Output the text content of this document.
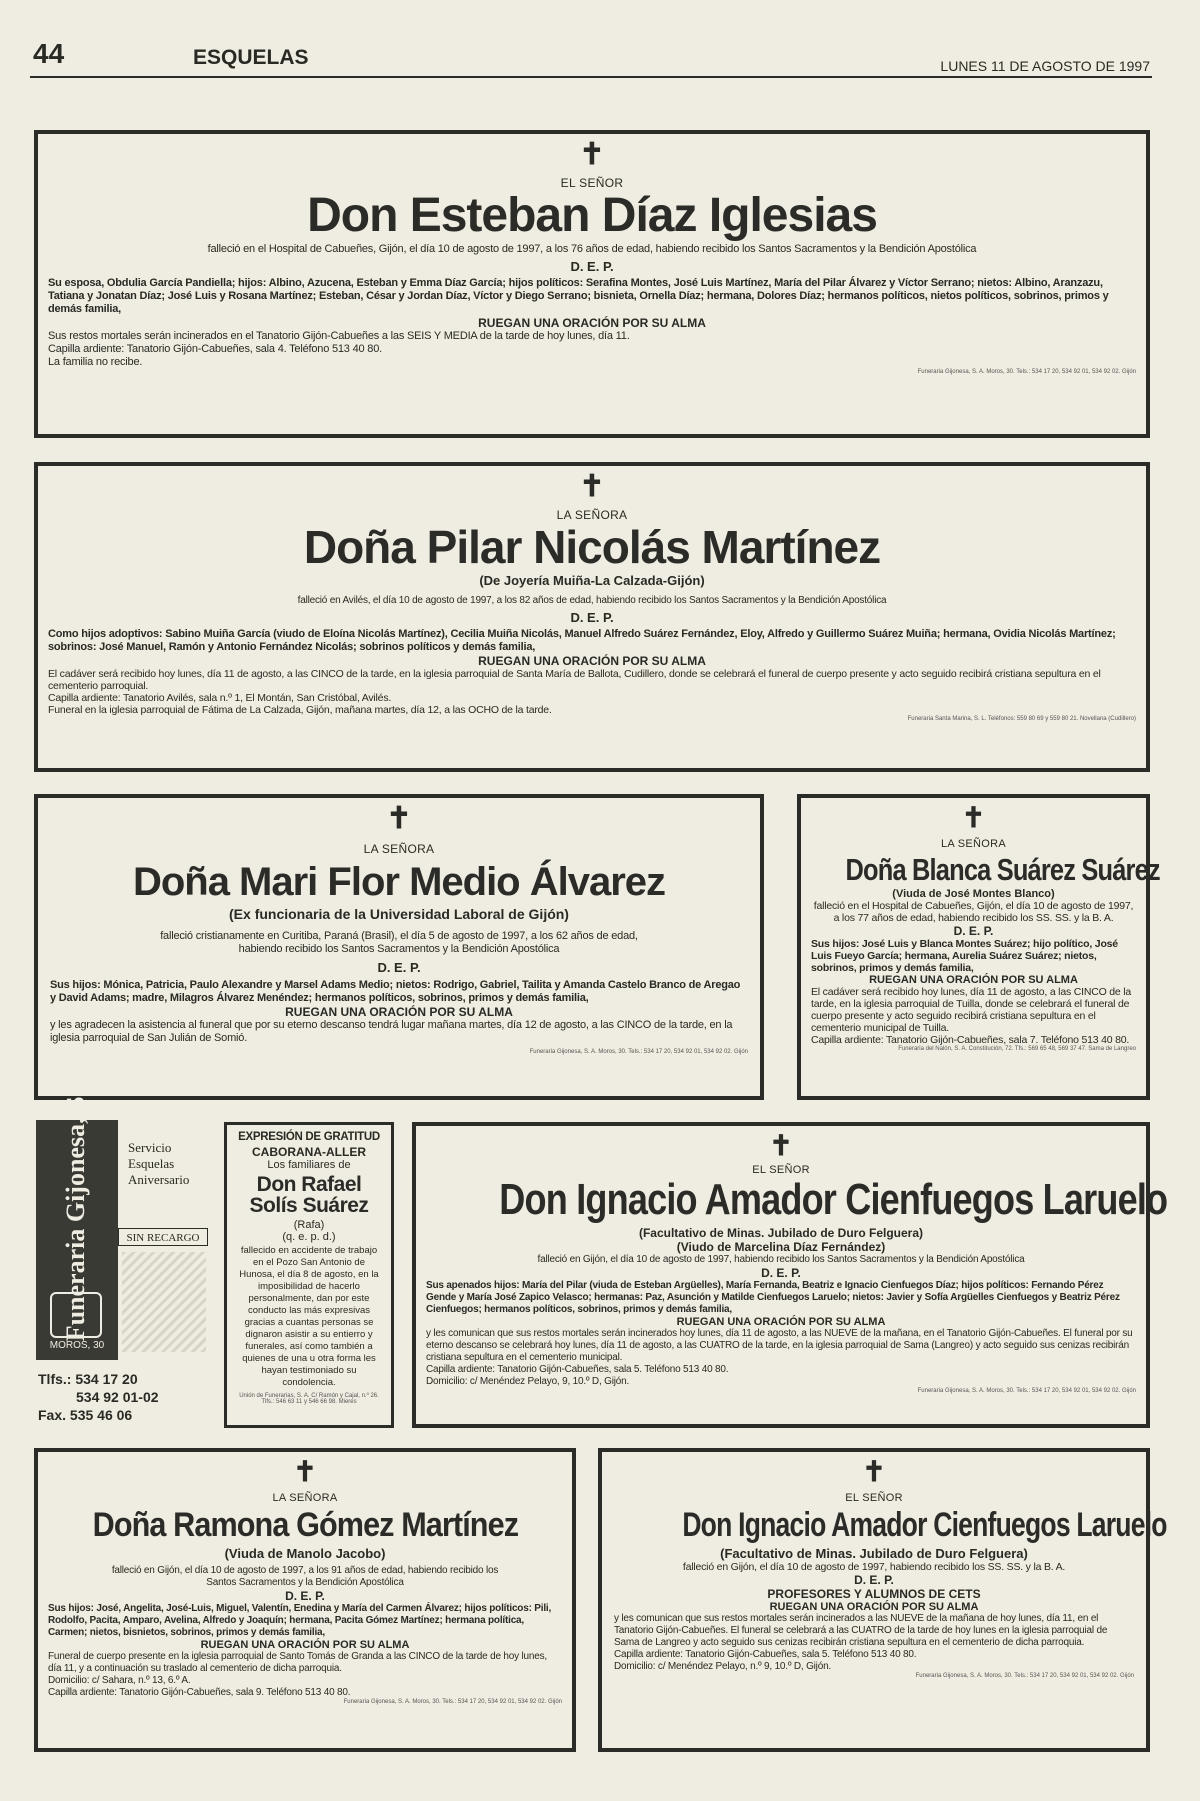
44	ESQUELAS	LUNES 11 DE AGOSTO DE 1997
✝
EL SEÑOR
Don Esteban Díaz Iglesias
falleció en el Hospital de Cabueñes, Gijón, el día 10 de agosto de 1997, a los 76 años de edad, habiendo recibido los Santos Sacramentos y la Bendición Apostólica
D. E. P.
Su esposa, Obdulia García Pandiella; hijos: Albino, Azucena, Esteban y Emma Díaz García; hijos políticos: Serafina Montes, José Luis Martínez, María del Pilar Álvarez y Víctor Serrano; nietos: Albino, Aranzazu, Tatiana y Jonatan Díaz; José Luis y Rosana Martínez; Esteban, César y Jordan Díaz, Víctor y Diego Serrano; bisnieta, Ornella Díaz; hermana, Dolores Díaz; hermanos políticos, nietos políticos, sobrinos, primos y demás familia,
RUEGAN UNA ORACIÓN POR SU ALMA
Sus restos mortales serán incinerados en el Tanatorio Gijón-Cabueñes a las SEIS Y MEDIA de la tarde de hoy lunes, día 11.
Capilla ardiente: Tanatorio Gijón-Cabueñes, sala 4. Teléfono 513 40 80.
La familia no recibe.
Funeraria Gijonesa, S. A. Moros, 30. Tels.: 534 17 20, 534 92 01, 534 92 02. Gijón
✝
LA SEÑORA
Doña Pilar Nicolás Martínez
(De Joyería Muiña-La Calzada-Gijón)
falleció en Avilés, el día 10 de agosto de 1997, a los 82 años de edad, habiendo recibido los Santos Sacramentos y la Bendición Apostólica
D. E. P.
Como hijos adoptivos: Sabino Muiña García (viudo de Eloína Nicolás Martínez), Cecilia Muiña Nicolás, Manuel Alfredo Suárez Fernández, Eloy, Alfredo y Guillermo Suárez Muiña; hermana, Ovidia Nicolás Martínez; sobrinos: José Manuel, Ramón y Antonio Fernández Nicolás; sobrinos políticos y demás familia,
RUEGAN UNA ORACIÓN POR SU ALMA
El cadáver será recibido hoy lunes, día 11 de agosto, a las CINCO de la tarde, en la iglesia parroquial de Santa María de Ballota, Cudillero, donde se celebrará el funeral de cuerpo presente y acto seguido recibirá cristiana sepultura en el cementerio parroquial.
Capilla ardiente: Tanatorio Avilés, sala n.º 1, El Montán, San Cristóbal, Avilés.
Funeral en la iglesia parroquial de Fátima de La Calzada, Gijón, mañana martes, día 12, a las OCHO de la tarde.
Funeraria Santa Marina, S. L. Teléfonos: 559 80 69 y 559 80 21. Novellana (Cudillero)
✝
LA SEÑORA
Doña Mari Flor Medio Álvarez
(Ex funcionaria de la Universidad Laboral de Gijón)
falleció cristianamente en Curitiba, Paraná (Brasil), el día 5 de agosto de 1997, a los 62 años de edad, habiendo recibido los Santos Sacramentos y la Bendición Apostólica
D. E. P.
Sus hijos: Mónica, Patricia, Paulo Alexandre y Marsel Adams Medio; nietos: Rodrigo, Gabriel, Tailita y Amanda Castelo Branco de Aregao y David Adams; madre, Milagros Álvarez Menéndez; hermanos políticos, sobrinos, primos y demás familia,
RUEGAN UNA ORACIÓN POR SU ALMA
y les agradecen la asistencia al funeral que por su eterno descanso tendrá lugar mañana martes, día 12 de agosto, a las CINCO de la tarde, en la iglesia parroquial de San Julián de Somió.
Funeraria Gijonesa, S. A. Moros, 30. Tels.: 534 17 20, 534 92 01, 534 92 02. Gijón
✝
LA SEÑORA
Doña Blanca Suárez Suárez
(Viuda de José Montes Blanco)
falleció en el Hospital de Cabueñes, Gijón, el día 10 de agosto de 1997, a los 77 años de edad, habiendo recibido los SS. SS. y la B. A.
D. E. P.
Sus hijos: José Luis y Blanca Montes Suárez; hijo político, José Luis Fueyo García; hermana, Aurelia Suárez Suárez; nietos, sobrinos, primos y demás familia,
RUEGAN UNA ORACIÓN POR SU ALMA
El cadáver será recibido hoy lunes, día 11 de agosto, a las CINCO de la tarde, en la iglesia parroquial de Tuilla, donde se celebrará el funeral de cuerpo presente y acto seguido recibirá cristiana sepultura en el cementerio municipal de Tuilla.
Capilla ardiente: Tanatorio Gijón-Cabueñes, sala 7. Teléfono 513 40 80.
Funeraria del Nalón, S. A. Constitución, 72. Tfs.: 569 65 48, 569 37 47. Sama de Langreo
Funeraria Gijonesa, S.A.
MOROS, 30
Servicio
Esquelas
Aniversario
SIN RECARGO
Tlfs.: 534 17 20
534 92 01-02
Fax. 535 46 06
EXPRESIÓN DE GRATITUD
CABORANA-ALLER
Los familiares de
Don Rafael Solís Suárez
(Rafa)
(q. e. p. d.)
fallecido en accidente de trabajo en el Pozo San Antonio de Hunosa, el día 8 de agosto, en la imposibilidad de hacerlo personalmente, dan por este conducto las más expresivas gracias a cuantas personas se dignaron asistir a su entierro y funerales, así como también a quienes de una u otra forma les hayan testimoniado su condolencia.
Unión de Funerarias, S. A. C/ Ramón y Cajal, n.º 26. Tlfs.: 546 63 11 y 546 66 98. Mieres
✝
EL SEÑOR
Don Ignacio Amador Cienfuegos Laruelo
(Facultativo de Minas. Jubilado de Duro Felguera)
(Viudo de Marcelina Díaz Fernández)
falleció en Gijón, el día 10 de agosto de 1997, habiendo recibido los Santos Sacramentos y la Bendición Apostólica
D. E. P.
Sus apenados hijos: María del Pilar (viuda de Esteban Argüelles), María Fernanda, Beatriz e Ignacio Cienfuegos Díaz; hijos políticos: Fernando Pérez Gende y María José Zapico Velasco; hermanas: Paz, Asunción y Matilde Cienfuegos Laruelo; nietos: Javier y Sofía Argüelles Cienfuegos y Beatriz Pérez Cienfuegos; hermanos políticos, sobrinos, primos y demás familia,
RUEGAN UNA ORACIÓN POR SU ALMA
y les comunican que sus restos mortales serán incinerados hoy lunes, día 11 de agosto, a las NUEVE de la mañana, en el Tanatorio Gijón-Cabueñes. El funeral por su eterno descanso se celebrará hoy lunes, día 11 de agosto, a las CUATRO de la tarde, en la iglesia parroquial de Sama (Langreo) y acto seguido sus cenizas recibirán cristiana sepultura en el cementerio municipal.
Capilla ardiente: Tanatorio Gijón-Cabueñes, sala 5. Teléfono 513 40 80.
Domicilio: c/ Menéndez Pelayo, 9, 10.º D, Gijón.
Funeraria Gijonesa, S. A. Moros, 30. Tels.: 534 17 20, 534 92 01, 534 92 02. Gijón
✝
LA SEÑORA
Doña Ramona Gómez Martínez
(Viuda de Manolo Jacobo)
falleció en Gijón, el día 10 de agosto de 1997, a los 91 años de edad, habiendo recibido los Santos Sacramentos y la Bendición Apostólica
D. E. P.
Sus hijos: José, Angelita, José-Luis, Miguel, Valentín, Enedina y María del Carmen Álvarez; hijos políticos: Pili, Rodolfo, Pacita, Amparo, Avelina, Alfredo y Joaquín; hermana, Pacita Gómez Martínez; hermana política, Carmen; nietos, bisnietos, sobrinos, primos y demás familia,
RUEGAN UNA ORACIÓN POR SU ALMA
Funeral de cuerpo presente en la iglesia parroquial de Santo Tomás de Granda a las CINCO de la tarde de hoy lunes, día 11, y a continuación su traslado al cementerio de dicha parroquia.
Domicilio: c/ Sahara, n.º 13, 6.º A.
Capilla ardiente: Tanatorio Gijón-Cabueñes, sala 9. Teléfono 513 40 80.
Funeraria Gijonesa, S. A. Moros, 30. Tels.: 534 17 20, 534 92 01, 534 92 02. Gijón
✝
EL SEÑOR
Don Ignacio Amador Cienfuegos Laruelo
(Facultativo de Minas. Jubilado de Duro Felguera)
falleció en Gijón, el día 10 de agosto de 1997, habiendo recibido los SS. SS. y la B. A.
D. E. P.
PROFESORES Y ALUMNOS DE CETS
RUEGAN UNA ORACIÓN POR SU ALMA
y les comunican que sus restos mortales serán incinerados a las NUEVE de la mañana de hoy lunes, día 11, en el Tanatorio Gijón-Cabueñes. El funeral se celebrará a las CUATRO de la tarde de hoy lunes en la iglesia parroquial de Sama de Langreo y acto seguido sus cenizas recibirán cristiana sepultura en el cementerio de dicha parroquia.
Capilla ardiente: Tanatorio Gijón-Cabueñes, sala 5. Teléfono 513 40 80.
Domicilio: c/ Menéndez Pelayo, n.º 9, 10.º D, Gijón.
Funeraria Gijonesa, S. A. Moros, 30. Tels.: 534 17 20, 534 92 01, 534 92 02. Gijón
